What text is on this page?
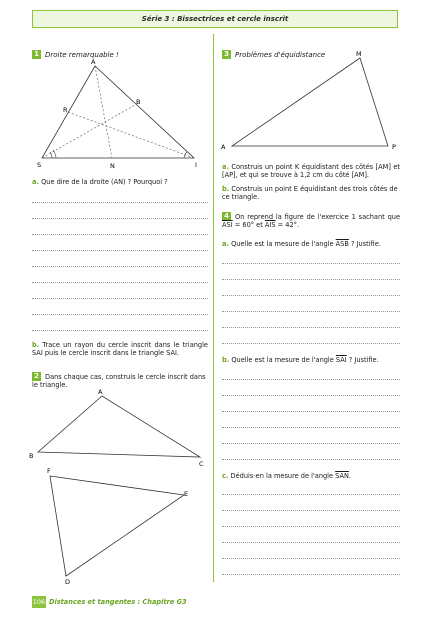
Série 3 : Bissectrices et cercle inscrit
1 Droite remarquable !
A
B
R
S	N	I
a. Que dire de la droite (AN) ? Pourquoi ?
b. Trace un rayon du cercle inscrit dans le triangle SAI puis le cercle inscrit dans le triangle SAI.
2 Dans chaque cas, construis le cercle inscrit dans le triangle.
A
B
C
F
E
D
3 Problèmes d'équidistance	M
A	P
a. Construis un point K équidistant des côtés [AM] et [AP], et qui se trouve à 1,2 cm du côté [AM].
b. Construis un point E équidistant des trois côtés de ce triangle.
4 On reprend la figure de l'exercice 1 sachant que $\overline{ASI} = 60^\circ$ et $\overline{AIS} = 42^\circ$.
a. Quelle est la mesure de l'angle $\overline{ASB}$ ? Justifie.
b. Quelle est la mesure de l'angle $\overline{SAI}$ ? Justifie.
c. Déduis-en la mesure de l'angle $\overline{SAN}$.
106 Distances et tangentes : Chapitre G3
